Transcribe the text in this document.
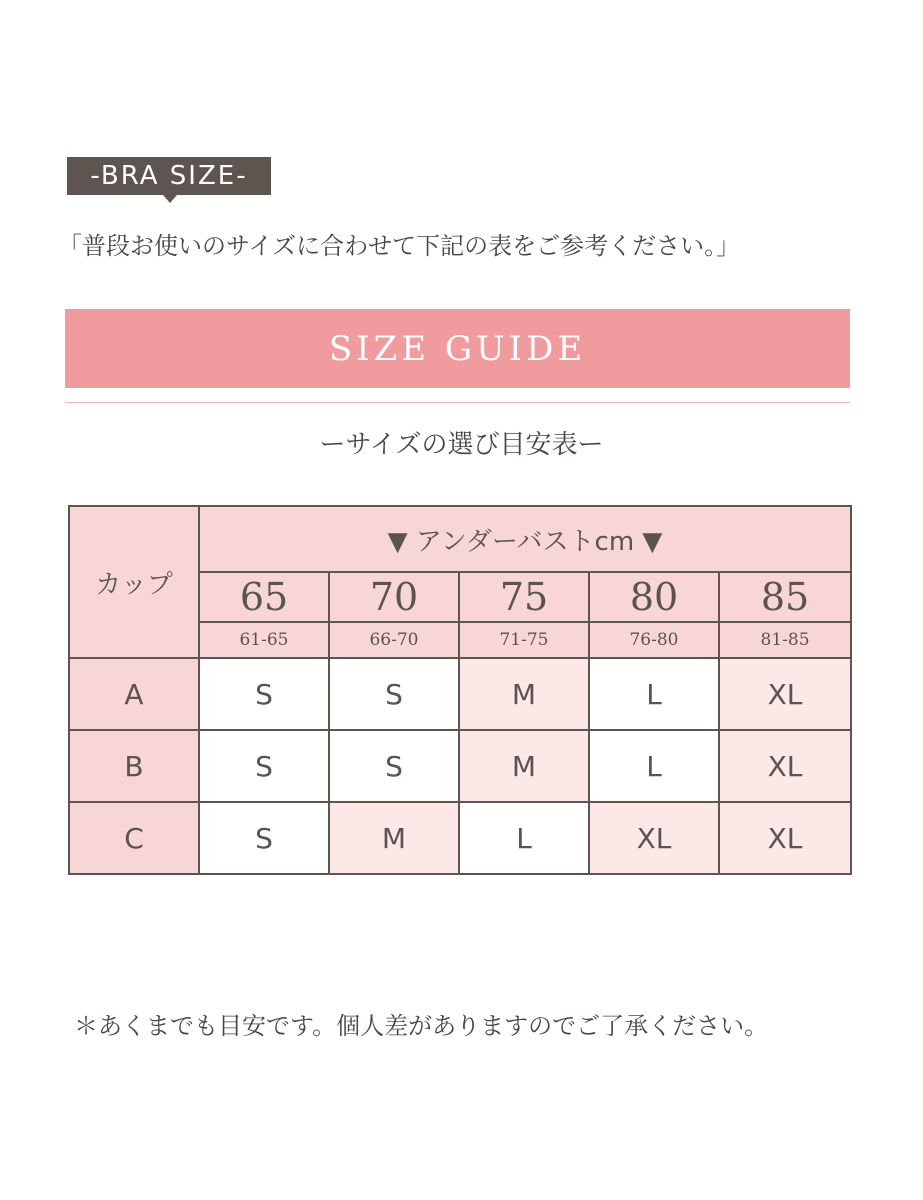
-BRA SIZE-
「普段お使いのサイズに合わせて下記の表をご参考ください。」
SIZE GUIDE
ーサイズの選び目安表ー
カップ	▼ アンダーバストcm ▼				
	65	70	75	80	85
	61-65	66-70	71-75	76-80	81-85
A	S	S	M	L	XL
B	S	S	M	L	XL
C	S	M	L	XL	XL
＊あくまでも目安です。個人差がありますのでご了承ください。
